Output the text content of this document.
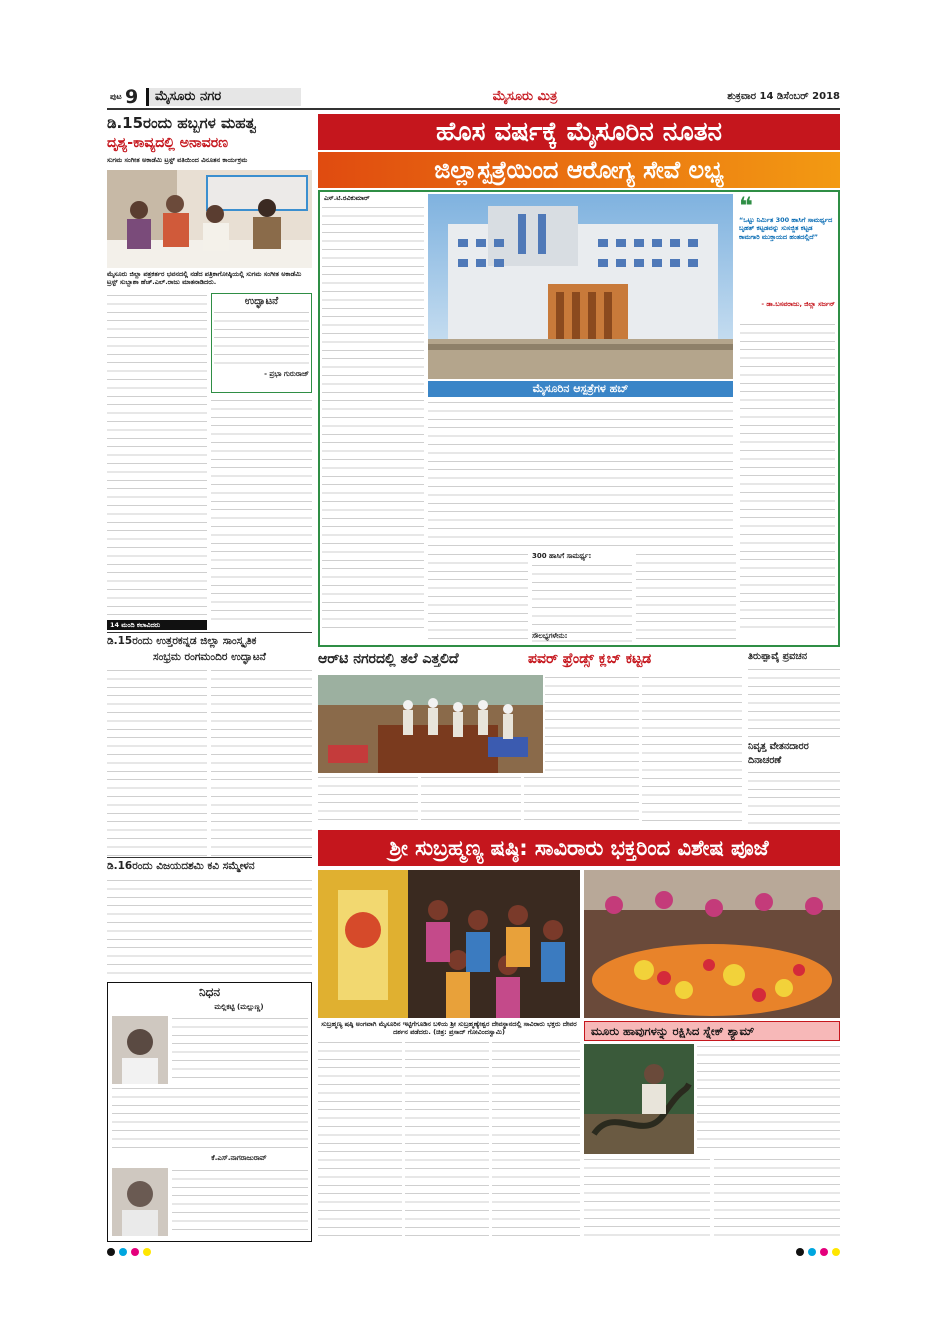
ಪುಟ 9 ಮೈಸೂರು ನಗರ	ಮೈಸೂರು ಮಿತ್ರ	ಶುಕ್ರವಾರ 14 ಡಿಸೆಂಬರ್ 2018
ಡಿ.15ರಂದು ಹಬ್ಬಗಳ ಮಹತ್ವ
ದೃಶ್ಯ-ಕಾವ್ಯದಲ್ಲಿ ಅನಾವರಣ
ಸುಗಮ ಸಂಗೀತ ಅಕಾಡೆಮಿ ಟ್ರಸ್ಟ್ ವತಿಯಿಂದ ವಿನೂತನ ಕಾರ್ಯಕ್ರಮ
ಮೈಸೂರು ಜಿಲ್ಲಾ ಪತ್ರಕರ್ತರ ಭವನದಲ್ಲಿ ನಡೆದ ಪತ್ರಿಕಾಗೋಷ್ಠಿಯಲ್ಲಿ ಸುಗಮ ಸಂಗೀತ ಅಕಾಡೆಮಿ ಟ್ರಸ್ಟ್ ಸುಬ್ಬಾಶಾ ಹೆಚ್.ಎಲ್.ರಾಜು ಮಾತನಾಡಿದರು.
ಉದ್ಘಾಟನೆ
- ಪ್ರಭಾ ಗುರುರಾಜ್
14 ಮಂದಿ ಕಲಾವಿದರು
ಹೊಸ ವರ್ಷಕ್ಕೆ ಮೈಸೂರಿನ ನೂತನ
ಜಿಲ್ಲಾಸ್ಪತ್ರೆಯಿಂದ ಆರೋಗ್ಯ ಸೇವೆ ಲಭ್ಯ
ಎಸ್.ಟಿ.ರವಿಕುಮಾರ್
ಮೈಸೂರಿನ ಆಸ್ಪತ್ರೆಗಳ ಹಬ್
❝
“ಒಟ್ಟು ನಿರ್ಮಿತ 300 ಹಾಸಿಗೆ ಸಾಮರ್ಥ್ಯದ ಬೃಹತ್ ಕಟ್ಟಡವನ್ನು ಸುಸಜ್ಜಿತ ಕಟ್ಟಡ ಕಾಮಗಾರಿ ಮುಕ್ತಾಯದ ಹಂತದಲ್ಲಿದೆ”
- ಡಾ.ಬಸವರಾಜು, ಜಿಲ್ಲಾ ಸರ್ಜನ್
300 ಹಾಸಿಗೆ ಸಾಮರ್ಥ್ಯ:
ಸೌಲಭ್ಯಗಳೇನು:
ಡಿ.15ರಂದು ಉತ್ತರಕನ್ನಡ ಜಿಲ್ಲಾ ಸಾಂಸ್ಕೃತಿಕ
ಸಂಭ್ರಮ ರಂಗಮಂದಿರ ಉದ್ಘಾಟನೆ
ಡಿ.16ರಂದು ವಿಜಯದಶಮಿ ಕವಿ ಸಮ್ಮೇಳನ
ನಿಧನ
ಮಲ್ಲಿಕಟ್ಟಿ (ಮಲ್ಲುಣ್ಣ)
ಕೆ.ಎಸ್.ನಾಗರಾಜುರಾವ್
ಆರ್‌ಟಿ ನಗರದಲ್ಲಿ ತಲೆ ಎತ್ತಲಿದೆ	ಪವರ್ ಫ್ರೆಂಡ್ಸ್ ಕ್ಲಬ್ ಕಟ್ಟಡ	ತಿರುಪ್ಪಾವೈ ಪ್ರವಚನ
ನಿವೃತ್ತ ವೇತನದಾರರ
ದಿನಾಚರಣೆ
ಶ್ರೀ ಸುಬ್ರಹ್ಮಣ್ಯ ಷಷ್ಠಿ: ಸಾವಿರಾರು ಭಕ್ತರಿಂದ ವಿಶೇಷ ಪೂಜೆ
ಸುಬ್ರಹ್ಮಣ್ಯ ಷಷ್ಠಿ ಅಂಗವಾಗಿ ಮೈಸೂರಿನ ಇಟ್ಟಿಗೆಗೂಡಿನ ಬಳಿಯ ಶ್ರೀ ಸುಬ್ರಹ್ಮಣ್ಯೇಶ್ವರ ದೇವಸ್ಥಾನದಲ್ಲಿ ಸಾವಿರಾರು ಭಕ್ತರು ದೇವರ ದರ್ಶನ ಪಡೆದರು. (ಚಿತ್ರ: ಪ್ರಸಾದ್ ಗೋವಿಂದಸ್ವಾಮಿ)	ಮೂರು ಹಾವುಗಳನ್ನು ರಕ್ಷಿಸಿದ ಸ್ನೇಕ್ ಶ್ಯಾಮ್
